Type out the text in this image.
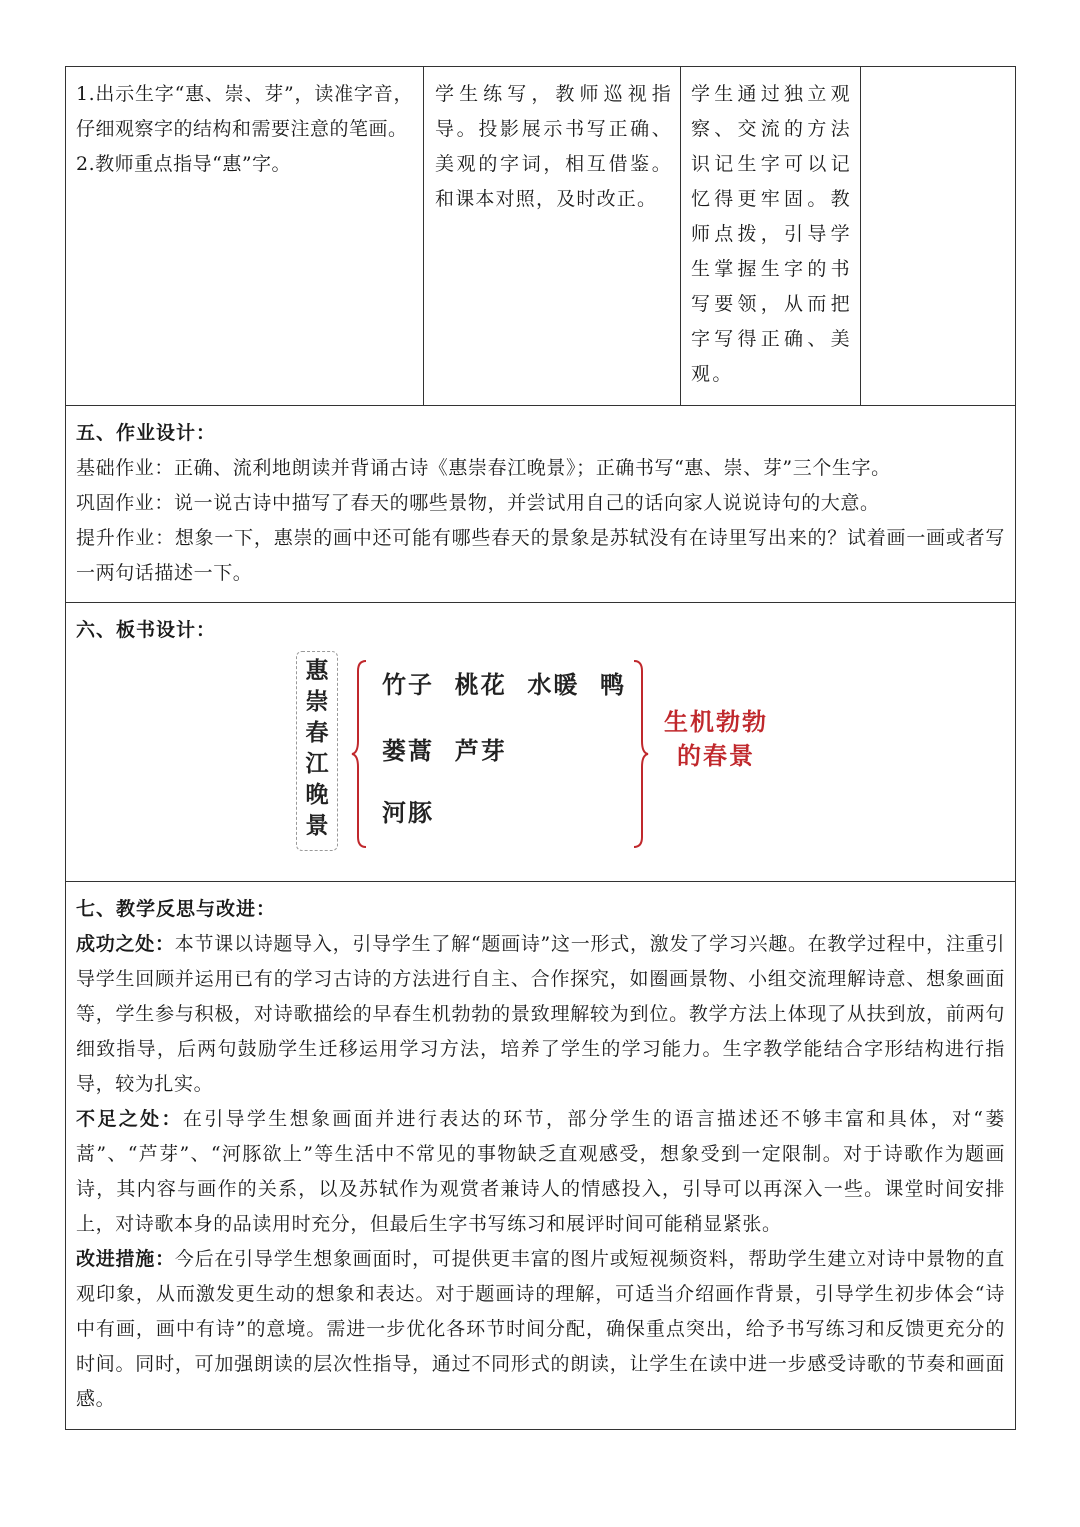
1.出示生字“惠、崇、芽”，读准字音，仔细观察字的结构和需要注意的笔画。
2.教师重点指导“惠”字。
学生练写，教师巡视指导。投影展示书写正确、美观的字词，相互借鉴。和课本对照，及时改正。
学生通过独立观察、交流的方法识记生字可以记忆得更牢固。教师点拨，引导学生掌握生字的书写要领，从而把字写得正确、美观。
五、作业设计：
基础作业：正确、流利地朗读并背诵古诗《惠崇春江晚景》；正确书写“惠、崇、芽”三个生字。
巩固作业：说一说古诗中描写了春天的哪些景物，并尝试用自己的话向家人说说诗句的大意。
提升作业：想象一下，惠崇的画中还可能有哪些春天的景象是苏轼没有在诗里写出来的？试着画一画或者写一两句话描述一下。
六、板书设计：
惠崇春江晚景
竹子  桃花  水暖  鸭
蒌蒿  芦芽
河豚
生机勃勃
的春景
七、教学反思与改进：
成功之处：本节课以诗题导入，引导学生了解“题画诗”这一形式，激发了学习兴趣。在教学过程中，注重引导学生回顾并运用已有的学习古诗的方法进行自主、合作探究，如圈画景物、小组交流理解诗意、想象画面等，学生参与积极，对诗歌描绘的早春生机勃勃的景致理解较为到位。教学方法上体现了从扶到放，前两句细致指导，后两句鼓励学生迁移运用学习方法，培养了学生的学习能力。生字教学能结合字形结构进行指导，较为扎实。
不足之处：在引导学生想象画面并进行表达的环节，部分学生的语言描述还不够丰富和具体，对“蒌蒿”、“芦芽”、“河豚欲上”等生活中不常见的事物缺乏直观感受，想象受到一定限制。对于诗歌作为题画诗，其内容与画作的关系，以及苏轼作为观赏者兼诗人的情感投入，引导可以再深入一些。课堂时间安排上，对诗歌本身的品读用时充分，但最后生字书写练习和展评时间可能稍显紧张。
改进措施：今后在引导学生想象画面时，可提供更丰富的图片或短视频资料，帮助学生建立对诗中景物的直观印象，从而激发更生动的想象和表达。对于题画诗的理解，可适当介绍画作背景，引导学生初步体会“诗中有画，画中有诗”的意境。需进一步优化各环节时间分配，确保重点突出，给予书写练习和反馈更充分的时间。同时，可加强朗读的层次性指导，通过不同形式的朗读，让学生在读中进一步感受诗歌的节奏和画面感。
